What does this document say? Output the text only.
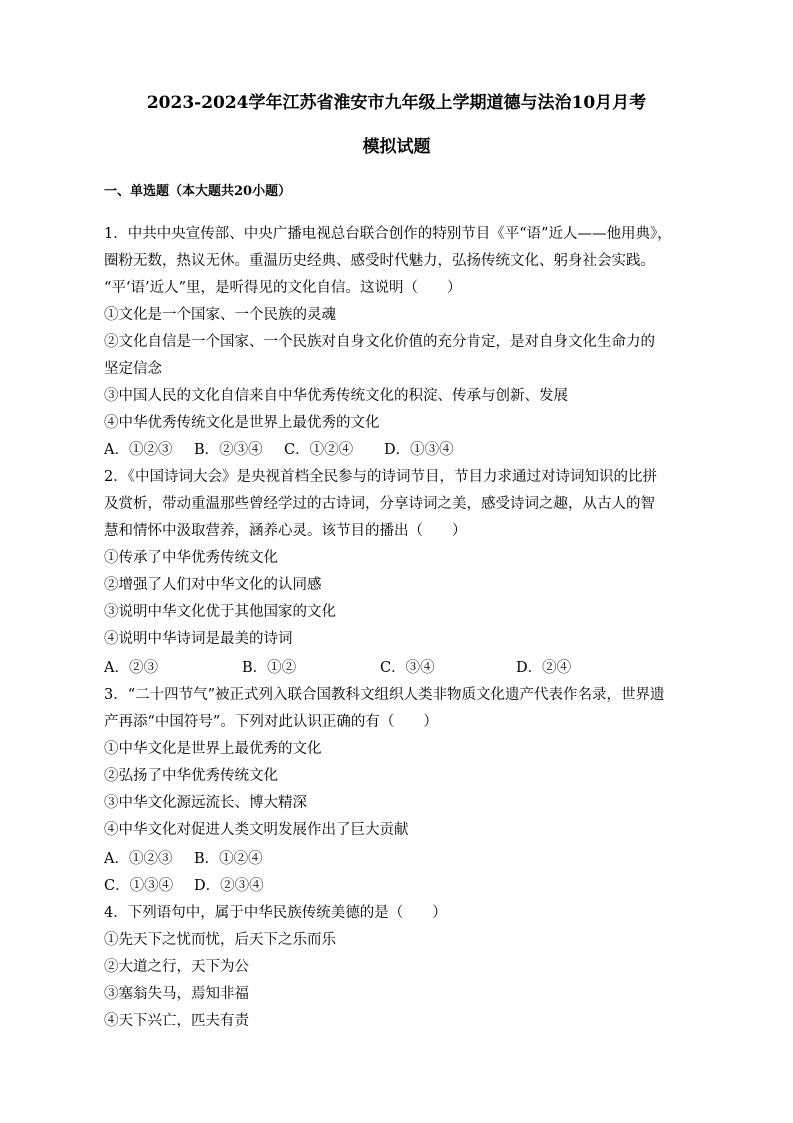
2023-2024学年江苏省淮安市九年级上学期道德与法治10月月考
模拟试题
一、单选题（本大题共20小题）
1．中共中央宣传部、中央广播电视总台联合创作的特别节目《平“语”近人——他用典》，
圈粉无数，热议无休。重温历史经典、感受时代魅力，弘扬传统文化、躬身社会实践。
“平‘语’近人”里，是听得见的文化自信。这说明（　　）
①文化是一个国家、一个民族的灵魂
②文化自信是一个国家、一个民族对自身文化价值的充分肯定，是对自身文化生命力的
坚定信念
③中国人民的文化自信来自中华优秀传统文化的积淀、传承与创新、发展
④中华优秀传统文化是世界上最优秀的文化
A．①②③ B．②③④ C．①②④ D．①③④
2．《中国诗词大会》是央视首档全民参与的诗词节目，节目力求通过对诗词知识的比拼
及赏析，带动重温那些曾经学过的古诗词，分享诗词之美，感受诗词之趣，从古人的智
慧和情怀中汲取营养，涵养心灵。该节目的播出（　　）
①传承了中华优秀传统文化
②增强了人们对中华文化的认同感
③说明中华文化优于其他国家的文化
④说明中华诗词是最美的诗词
A．②③	B．①②	C．③④	D．②④
3．“二十四节气”被正式列入联合国教科文组织人类非物质文化遗产代表作名录，世界遗
产再添“中国符号”。下列对此认识正确的有（　　）
①中华文化是世界上最优秀的文化
②弘扬了中华优秀传统文化
③中华文化源远流长、博大精深
④中华文化对促进人类文明发展作出了巨大贡献
A．①②③ B．①②④
C．①③④ D．②③④
4．下列语句中，属于中华民族传统美德的是（　　）
①先天下之忧而忧，后天下之乐而乐
②大道之行，天下为公
③塞翁失马，焉知非福
④天下兴亡，匹夫有责
